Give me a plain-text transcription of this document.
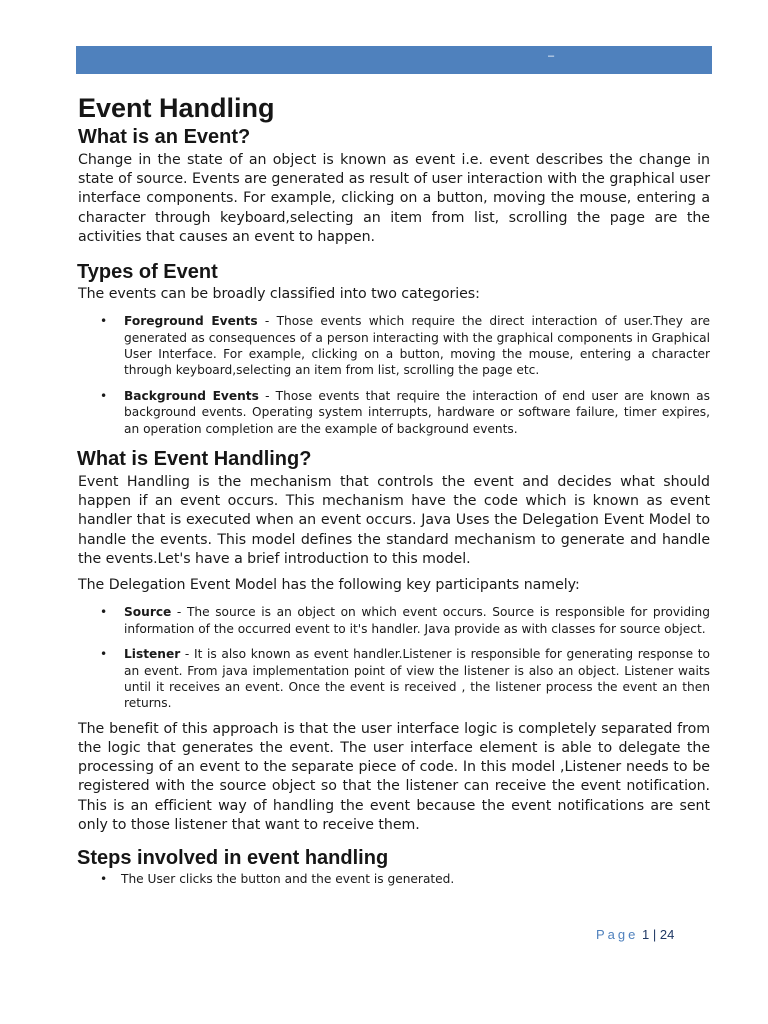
–
Event Handling
What is an Event?

Change in the state of an object is known as event i.e. event describes the change in state of source. Events are generated as result of user interaction with the graphical user interface components. For example, clicking on a button, moving the mouse, entering a character through keyboard,selecting an item from list, scrolling the page are the activities that causes an event to happen.

Types of Event

The events can be broadly classified into two categories:

• Foreground Events - Those events which require the direct interaction of user.They are generated as consequences of a person interacting with the graphical components in Graphical User Interface. For example, clicking on a button, moving the mouse, entering a character through keyboard,selecting an item from list, scrolling the page etc.
• Background Events - Those events that require the interaction of end user are known as background events. Operating system interrupts, hardware or software failure, timer expires, an operation completion are the example of background events.
What is Event Handling?

Event Handling is the mechanism that controls the event and decides what should happen if an event occurs. This mechanism have the code which is known as event handler that is executed when an event occurs. Java Uses the Delegation Event Model to handle the events. This model defines the standard mechanism to generate and handle the events.Let's have a brief introduction to this model.

The Delegation Event Model has the following key participants namely:

• Source - The source is an object on which event occurs. Source is responsible for providing information of the occurred event to it's handler. Java provide as with classes for source object.
• Listener - It is also known as event handler.Listener is responsible for generating response to an event. From java implementation point of view the listener is also an object. Listener waits until it receives an event. Once the event is received , the listener process the event an then returns.

The benefit of this approach is that the user interface logic is completely separated from the logic that generates the event. The user interface element is able to delegate the processing of an event to the separate piece of code. In this model ,Listener needs to be registered with the source object so that the listener can receive the event notification. This is an efficient way of handling the event because the event notifications are sent only to those listener that want to receive them.

Steps involved in event handling
• The User clicks the button and the event is generated.
Page 1 | 24
